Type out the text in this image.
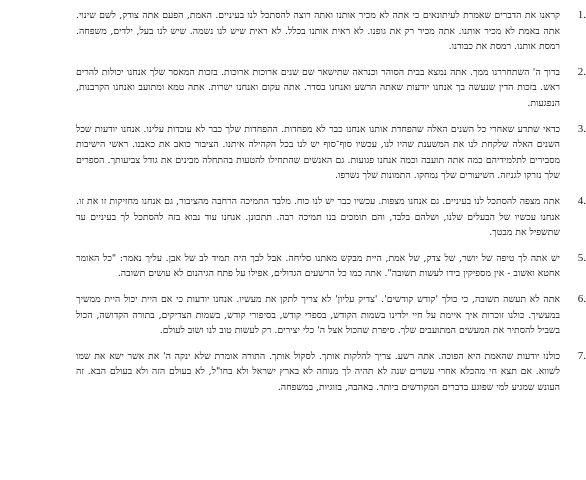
1.
קראנו את הדברים שאמרת לעיתונאים כי אתה לא מכיר אותנו ואתה רוצה להסתכל לנו בעיניים. האמת, הפעם אתה צודק, לשם שינוי. אתה באמת לא מכיר אותנו. אתה מכיר רק את גופנו. לא ראית אותנו בכלל. לא ראית שיש לנו נשמה. שיש לנו בעל, ילדים, משפחה. רמסת אותנו. רמסת את כבודנו.
2.
ברוך ה' השתחררנו ממך. אתה נמצא בבית הסוהר וכנראה שתישאר שם שנים ארוכות ארוכות. בזכות המאסר שלך אנחנו יכולות להרים ראש. בזכות הדין שנעשה בך אנחנו יודעות שאתה הרשע ואנחנו בסדר. אתה עקום ואנחנו ישרות. אתה טמא ומתועב ואנחנו הקרבנות, הנפגעות.
3.
כדאי שתדע שאחרי כל השנים האלה שהפחדת אותנו אנחנו כבר לא מפחדות. ההפחדות שלך כבר לא עובדות עלינו. אנחנו יודעות שכל השנים האלה שלקחת לנו את המשענת שהיו לנו, עכשיו סוף־סוף יש לנו בכל הקהילה איתנו. הציבור כואב את כאבנו. ראשי הישיבות מסבירים לתלמידיהם כמה אתה תועבה וכמה אנחנו פגועות. גם האנשים שהתחילו להטעות בהתחלה מבינים את גודל צביעותך. הספרים שלך נזרקו לגניזה. השיעורים שלך נמחקו. התמונות שלך נשרפו.
4.
אתה מצפה להסתכל לנו בעיניים. גם אנחנו מצפות. עכשיו כבר יש לנו כוח. מלבד התמיכה הרחבה מהציבור, גם אנחנו מחזיקות זו את זו. אנחנו עכשיו של הבעלים שלנו, ושלהם בלבד, והם תומכים בנו תמיכה רבה. תתכונן. אנחנו עוד נבוא בזה להסתכל לך בעיניים עד שתשפיל את מבטך.
5.
יש אתה לך טיפה של יושר, של צדק, של אמת, היית מבקש מאתנו סליחה. אבל לבך היה תמיד לב של אבן. עליך נאמר: "כל האומר אחטא ואשוב - אין מספיקין בידו לעשות תשובה". אתה כמו כל הרשעים הגדולים, אפילו על פתח הגיהנום לא עושים תשובה.
6.
אתה לא תעשה תשובה, כי כולך 'קודש קודשים'. 'צדיק עליון' לא צריך לתקן את מעשיו. אנחנו יודעות כי אם היית יכול היית ממשיך במעשיך. כולנו זוכרות איך איימת על חיי ילדינו בשמות הקודש, בספרי קודש, בסיפורי קודש, בשמות הצדיקים, בתורה הקדושה, הכול בשביל להסתיר את המעשים המתועבים שלך. סיפרת שהכול אצל ה' כלי יצירים. רק לעשות טוב לנו ושוב לעולם.
7.
כולנו יודעות שהאמת היא הפוכה. אתה רשע. צריך להלקות אותך. לסקול אותך. התורה אומרת שלא ינקה ה' את אשר ישא את שמו לשווא. אם תצא חי מהכלא אחרי עשרים שנה לא תהיה לך מנוחה לא בארץ ישראל ולא בחו"ל, לא בעולם הזה ולא בעולם הבא. זה העונש שמגיע למי שפוגע בדברים המקודשים ביותר. באהבה, בזוגיות, במשפחה.
